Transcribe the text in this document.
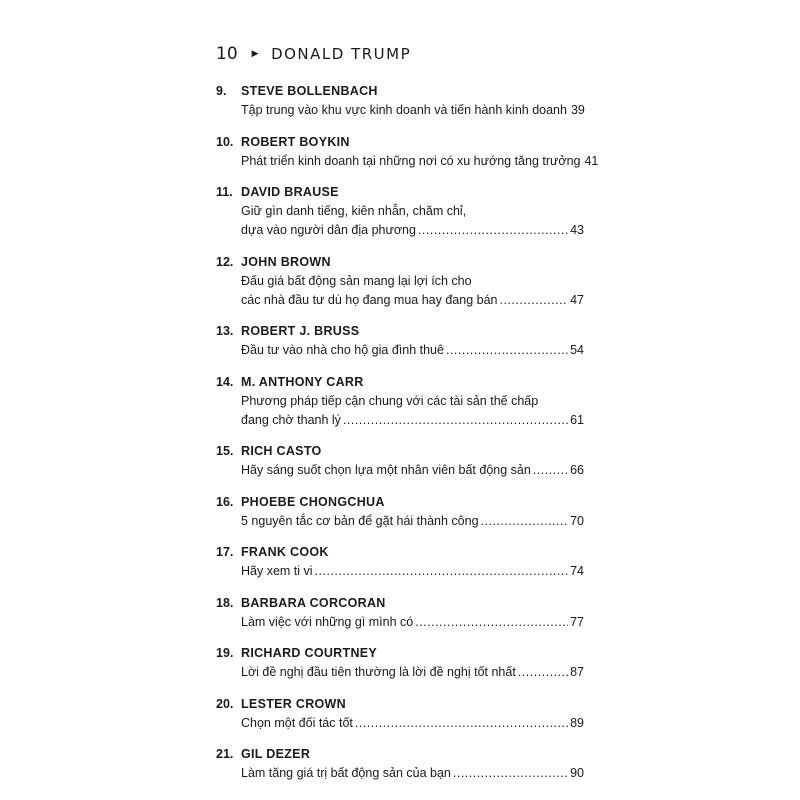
10 ▶ DONALD TRUMP
9.	STEVE BOLLENBACH
Tập trung vào khu vực kinh doanh và tiến hành kinh doanh 39
10. ROBERT BOYKIN
Phát triển kinh doanh tại những nơi có xu hướng tăng trưởng 41
11. DAVID BRAUSE
Giữ gìn danh tiếng, kiên nhẫn, chăm chỉ,
dựa vào người dân địa phương .....	43
12. JOHN BROWN
Đấu giá bất động sản mang lại lợi ích cho
các nhà đầu tư dù họ đang mua hay đang bán .....	47
13. ROBERT J. BRUSS
Đầu tư vào nhà cho hộ gia đình thuê .....	54
14. M. ANTHONY CARR
Phương pháp tiếp cận chung với các tài sản thế chấp
đang chờ thanh lý .....	61
15. RICH CASTO
Hãy sáng suốt chọn lựa một nhân viên bất động sản .....	66
16. PHOEBE CHONGCHUA
5 nguyên tắc cơ bản để gặt hái thành công .....	70
17. FRANK COOK
Hãy xem ti vi .....	74
18. BARBARA CORCORAN
Làm việc với những gì mình có .....	77
19. RICHARD COURTNEY
Lời đề nghị đầu tiên thường là lời đề nghị tốt nhất .....	87
20. LESTER CROWN
Chọn một đối tác tốt .....	89
21. GIL DEZER
Làm tăng giá trị bất động sản của bạn .....	90
